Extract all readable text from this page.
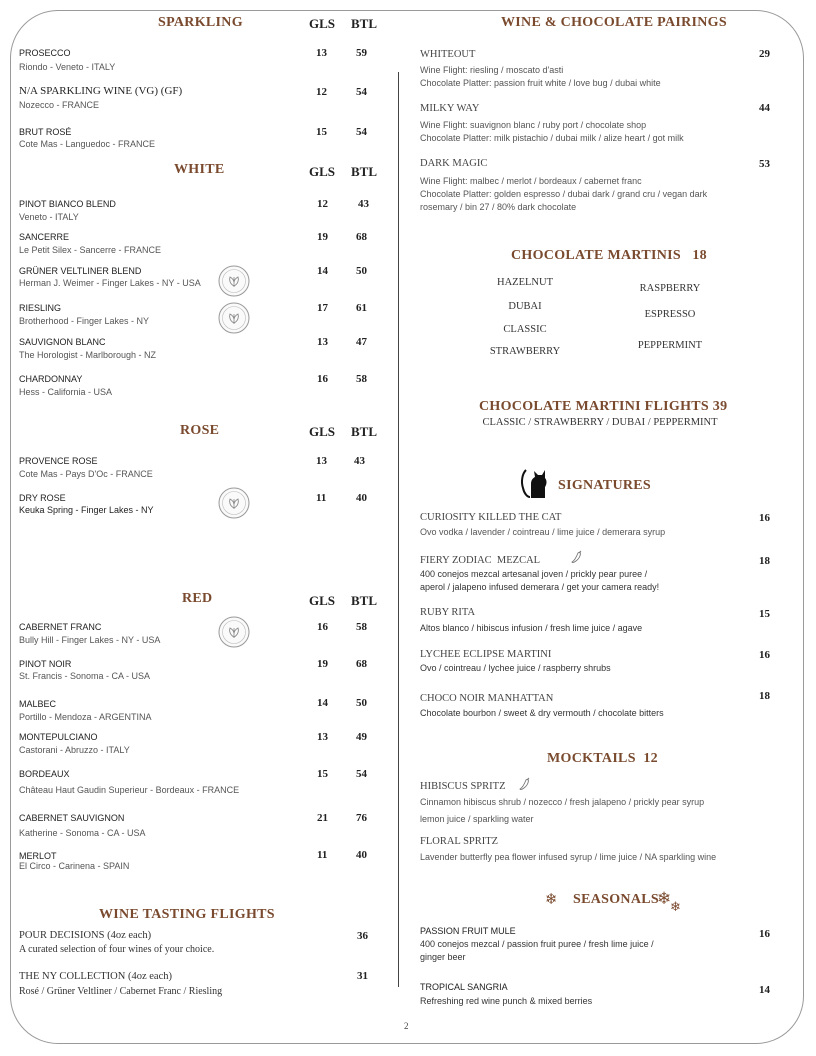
SPARKLING	GLS BTL
PROSECCO
Riondo - Veneto - ITALY
13	59
N/A SPARKLING WINE (VG) (GF)
Nozecco - FRANCE
12	54
BRUT ROSÉ
Cote Mas - Languedoc - FRANCE
15	54
WHITE	GLS BTL
PINOT BIANCO BLEND
Veneto - ITALY
12	43
SANCERRE
Le Petit Silex - Sancerre - FRANCE
19	68
GRÜNER VELTLINER BLEND
Herman J. Weimer - Finger Lakes - NY - USA
14	50
RIESLING
Brotherhood - Finger Lakes - NY
17	61
SAUVIGNON BLANC
The Horologist - Marlborough - NZ
13	47
CHARDONNAY
Hess - California - USA
16	58
ROSE	GLS BTL
PROVENCE ROSE
Cote Mas - Pays D'Oc - FRANCE
13 43
DRY ROSE
Keuka Spring - Finger Lakes - NY
11	40
RED	GLS BTL
CABERNET FRANC
Bully Hill - Finger Lakes - NY - USA
16	58
PINOT NOIR
St. Francis - Sonoma - CA - USA
19	68
MALBEC
Portillo - Mendoza - ARGENTINA
14	50
MONTEPULCIANO
Castorani - Abruzzo - ITALY
13	49
BORDEAUX
Château Haut Gaudin Superieur - Bordeaux - FRANCE
15	54
CABERNET SAUVIGNON
Katherine - Sonoma - CA - USA
21	76
MERLOT
El Circo - Carinena - SPAIN
11	40
WINE TASTING FLIGHTS
POUR DECISIONS (4oz each)
A curated selection of four wines of your choice.
36
THE NY COLLECTION (4oz each)
Rosé / Grüner Veltliner / Cabernet Franc / Riesling
31
WINE & CHOCOLATE PAIRINGS
WHITEOUT
Wine Flight: riesling / moscato d'asti
Chocolate Platter: passion fruit white / love bug / dubai white
29
MILKY WAY
Wine Flight: suavignon blanc / ruby port / chocolate shop
Chocolate Platter: milk pistachio / dubai milk / alize heart / got milk
44
DARK MAGIC
Wine Flight: malbec / merlot / bordeaux / cabernet franc
Chocolate Platter: golden espresso / dubai dark / grand cru / vegan dark
rosemary / bin 27 / 80% dark chocolate
53
CHOCOLATE MARTINIS   18
HAZELNUT
DUBAI
CLASSIC
STRAWBERRY
RASPBERRY
ESPRESSO
PEPPERMINT
CHOCOLATE MARTINI FLIGHTS 39
CLASSIC / STRAWBERRY / DUBAI / PEPPERMINT
SIGNATURES
CURIOSITY KILLED THE CAT
Ovo vodka / lavender / cointreau / lime juice / demerara syrup
16
FIERY ZODIAC  MEZCAL
400 conejos mezcal artesanal joven / prickly pear puree /
aperol / jalapeno infused demerara / get your camera ready!
18
RUBY RITA
Altos blanco / hibiscus infusion / fresh lime juice / agave
15
LYCHEE ECLIPSE MARTINI
Ovo / cointreau / lychee juice / raspberry shrubs
16
CHOCO NOIR MANHATTAN
Chocolate bourbon / sweet & dry vermouth / chocolate bitters
18
MOCKTAILS  12
HIBISCUS SPRITZ
Cinnamon hibiscus shrub / nozecco / fresh jalapeno / prickly pear syrup
lemon juice / sparkling water
FLORAL SPRITZ
Lavender butterfly pea flower infused syrup / lime juice / NA sparkling wine
❄ SEASONALS
❄
❄
PASSION FRUIT MULE
400 conejos mezcal / passion fruit puree / fresh lime juice /
ginger beer
16
TROPICAL SANGRIA
Refreshing red wine punch & mixed berries
14
2
